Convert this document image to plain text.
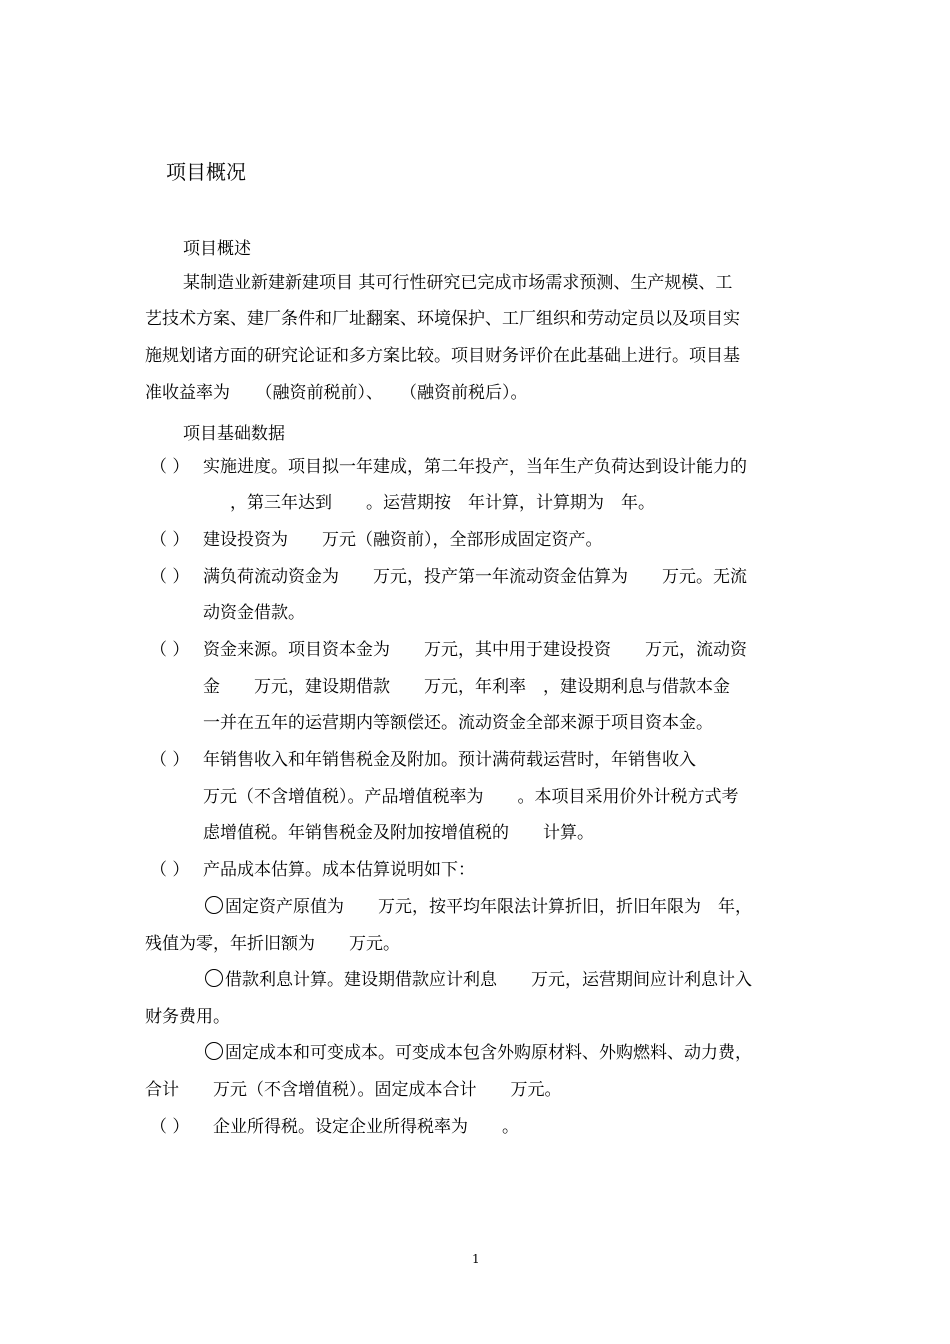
项目概况
项目概述
某制造业新建新建项目 其可行性研究已完成市场需求预测、生产规模、工
艺技术方案、建厂条件和厂址翻案、环境保护、工厂组织和劳动定员以及项目实
施规划诸方面的研究论证和多方案比较。项目财务评价在此基础上进行。项目基
准收益率为　　（融资前税前）、　　（融资前税后）。
项目基础数据
（ ） 实施进度。项目拟一年建成，第二年投产，当年生产负荷达到设计能力的
，第三年达到　　。运营期按　年计算，计算期为　年。
（ ） 建设投资为　　万元（融资前），全部形成固定资产。
（ ） 满负荷流动资金为　　万元，投产第一年流动资金估算为　　万元。无流
动资金借款。
（ ） 资金来源。项目资本金为　　万元，其中用于建设投资　　万元，流动资
金　　万元，建设期借款　　万元，年利率　，建设期利息与借款本金
一并在五年的运营期内等额偿还。流动资金全部来源于项目资本金。
（ ） 年销售收入和年销售税金及附加。预计满荷载运营时，年销售收入
万元（不含增值税）。产品增值税率为　　。本项目采用价外计税方式考
虑增值税。年销售税金及附加按增值税的　　计算。
（ ） 产品成本估算。成本估算说明如下：
固定资产原值为　　万元，按平均年限法计算折旧，折旧年限为　年，
残值为零，年折旧额为　　万元。
借款利息计算。建设期借款应计利息　　万元，运营期间应计利息计入
财务费用。
固定成本和可变成本。可变成本包含外购原材料、外购燃料、动力费，
合计　　万元（不含增值税）。固定成本合计　　万元。
（ ） 企业所得税。设定企业所得税率为　　。
1
